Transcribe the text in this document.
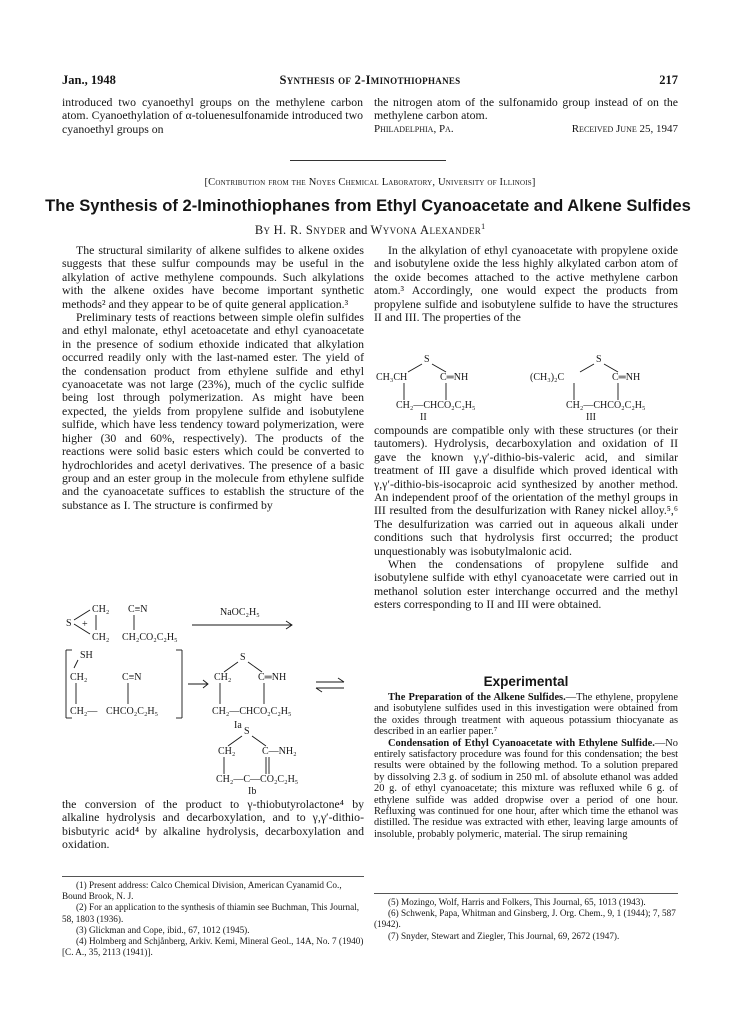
Jan., 1948	Synthesis of 2-Iminothiophanes	217

introduced two cyanoethyl groups on the methylene carbon atom. Cyanoethylation of α-toluenesulfonamide introduced two cyanoethyl groups on

the nitrogen atom of the sulfonamido group instead of on the methylene carbon atom.

Philadelphia, Pa.	Received June 25, 1947
[Contribution from the Noyes Chemical Laboratory, University of Illinois]
The Synthesis of 2-Iminothiophanes from Ethyl Cyanoacetate and Alkene Sulfides
By H. R. Snyder and Wyvona Alexander$^1$

The structural similarity of alkene sulfides to alkene oxides suggests that these sulfur compounds may be useful in the alkylation of active methylene compounds. Such alkylations with the alkene oxides have become important synthetic methods² and they appear to be of quite general application.³

Preliminary tests of reactions between simple olefin sulfides and ethyl malonate, ethyl acetoacetate and ethyl cyanoacetate in the presence of sodium ethoxide indicated that alkylation occurred readily only with the last-named ester. The yield of the condensation product from ethylene sulfide and ethyl cyanoacetate was not large (23%), much of the cyclic sulfide being lost through polymerization. As might have been expected, the yields from propylene sulfide and isobutylene sulfide, which have less tendency toward polymerization, were higher (30 and 60%, respectively). The products of the reactions were solid basic esters which could be converted to hydrochlorides and acetyl derivatives. The presence of a basic group and an ester group in the molecule from ethylene sulfide and the cyanoacetate suffices to establish the structure of the substance as I. The structure is confirmed by

CH₂
S
CH₂
+
C≡N
CH₂CO₂C₂H₅
NaOC₂H₅
SH
CH₂	C≡N
CH₂— CHCO₂C₂H₅
S
CH₂	C═NH
CH₂—CHCO₂C₂H₅
Ia
S
CH₂	C—NH₂
CH₂—C—CO₂C₂H₅
Ib

the conversion of the product to γ-thiobutyrolactone⁴ by alkaline hydrolysis and decarboxylation, and to γ,γ′-dithio-bisbutyric acid⁴ by alkaline hydrolysis, decarboxylation and oxidation.

(1) Present address: Calco Chemical Division, American Cyanamid Co., Bound Brook, N. J.

(2) For an application to the synthesis of thiamin see Buchman, This Journal, 58, 1803 (1936).

(3) Glickman and Cope, ibid., 67, 1012 (1945).

(4) Holmberg and Schjånberg, Arkiv. Kemi, Mineral Geol., 14A, No. 7 (1940) [C. A., 35, 2113 (1941)].

In the alkylation of ethyl cyanoacetate with propylene oxide and isobutylene oxide the less highly alkylated carbon atom of the oxide becomes attached to the active methylene carbon atom.³ Accordingly, one would expect the products from propylene sulfide and isobutylene sulfide to have the structures II and III. The properties of the

S
CH₃CH	C═NH
CH₂—CHCO₂C₂H₅
II
S
(CH₃)₂C	C═NH
CH₂—CHCO₂C₂H₅
III

compounds are compatible only with these structures (or their tautomers). Hydrolysis, decarboxylation and oxidation of II gave the known γ,γ′-dithio-bis-valeric acid, and similar treatment of III gave a disulfide which proved identical with γ,γ′-dithio-bis-isocaproic acid synthesized by another method. An independent proof of the orientation of the methyl groups in III resulted from the desulfurization with Raney nickel alloy.⁵,⁶ The desulfurization was carried out in aqueous alkali under conditions such that hydrolysis first occurred; the product unquestionably was isobutylmalonic acid.

When the condensations of propylene sulfide and isobutylene sulfide with ethyl cyanoacetate were carried out in methanol solution ester interchange occurred and the methyl esters corresponding to II and III were obtained.

Experimental

The Preparation of the Alkene Sulfides.—The ethylene, propylene and isobutylene sulfides used in this investigation were obtained from the oxides through treatment with aqueous potassium thiocyanate as described in an earlier paper.⁷

Condensation of Ethyl Cyanoacetate with Ethylene Sulfide.—No entirely satisfactory procedure was found for this condensation; the best results were obtained by the following method. To a solution prepared by dissolving 2.3 g. of sodium in 250 ml. of absolute ethanol was added 20 g. of ethyl cyanoacetate; this mixture was refluxed while 6 g. of ethylene sulfide was added dropwise over a period of one hour. Refluxing was continued for one hour, after which time the ethanol was distilled. The residue was extracted with ether, leaving large amounts of insoluble, probably polymeric, material. The sirup remaining

(5) Mozingo, Wolf, Harris and Folkers, This Journal, 65, 1013 (1943).

(6) Schwenk, Papa, Whitman and Ginsberg, J. Org. Chem., 9, 1 (1944); 7, 587 (1942).

(7) Snyder, Stewart and Ziegler, This Journal, 69, 2672 (1947).
